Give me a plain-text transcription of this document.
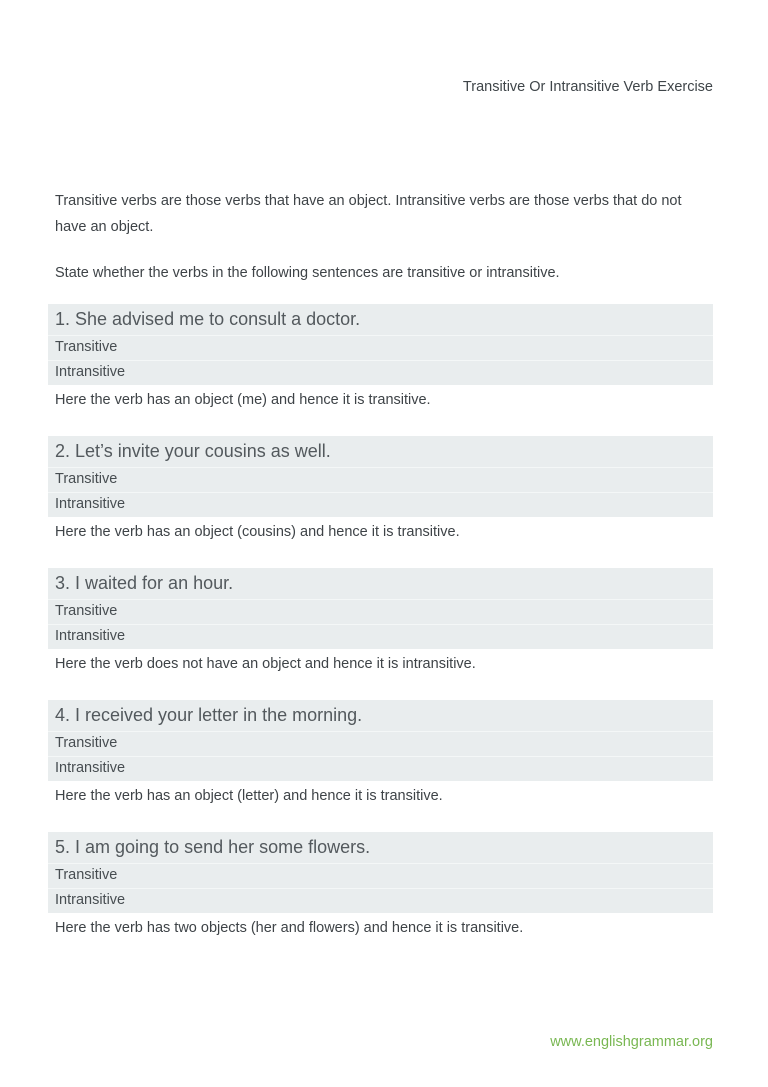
Transitive Or Intransitive Verb Exercise

Transitive verbs are those verbs that have an object. Intransitive verbs are those verbs that do not have an object.

State whether the verbs in the following sentences are transitive or intransitive.

1. She advised me to consult a doctor.
Transitive
Intransitive

Here the verb has an object (me) and hence it is transitive.

2. Let’s invite your cousins as well.
Transitive
Intransitive

Here the verb has an object (cousins) and hence it is transitive.

3. I waited for an hour.
Transitive
Intransitive

Here the verb does not have an object and hence it is intransitive.

4. I received your letter in the morning.
Transitive
Intransitive

Here the verb has an object (letter) and hence it is transitive.

5. I am going to send her some flowers.
Transitive
Intransitive

Here the verb has two objects (her and flowers) and hence it is transitive.

www.englishgrammar.org
